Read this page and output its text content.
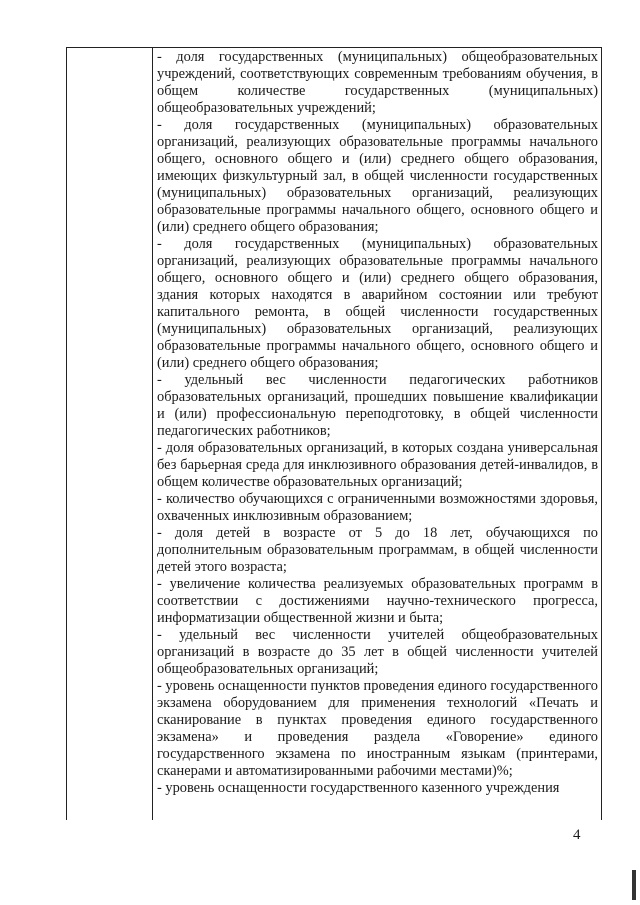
- доля государственных (муниципальных) общеобразовательных учреждений, соответствующих современным требованиям обучения, в общем количестве государственных (муниципальных) общеобразовательных учреждений;

- доля государственных (муниципальных) образовательных организаций, реализующих образовательные программы начального общего, основного общего и (или) среднего общего образования, имеющих физкультурный зал, в общей численности государственных (муниципальных) образовательных организаций, реализующих образовательные программы начального общего, основного общего и (или) среднего общего образования;

- доля государственных (муниципальных) образовательных организаций, реализующих образовательные программы начального общего, основного общего и (или) среднего общего образования, здания которых находятся в аварийном состоянии или требуют капитального ремонта, в общей численности государственных (муниципальных) образовательных организаций, реализующих образовательные программы начального общего, основного общего и (или) среднего общего образования;

- удельный вес численности педагогических работников образовательных организаций, прошедших повышение квалификации и (или) профессиональную переподготовку, в общей численности педагогических работников;

- доля образовательных организаций, в которых создана универсальная без барьерная среда для инклюзивного образования детей-инвалидов, в общем количестве образовательных организаций;

- количество обучающихся с ограниченными возможностями здоровья, охваченных инклюзивным образованием;

- доля детей в возрасте от 5 до 18 лет, обучающихся по дополнительным образовательным программам, в общей численности детей этого возраста;

- увеличение количества реализуемых образовательных программ в соответствии с достижениями научно-технического прогресса, информатизации общественной жизни и быта;

- удельный вес численности учителей общеобразовательных организаций в возрасте до 35 лет в общей численности учителей общеобразовательных организаций;

- уровень оснащенности пунктов проведения единого государственного экзамена оборудованием для применения технологий «Печать и сканирование в пунктах проведения единого государственного экзамена» и проведения раздела «Говорение» единого государственного экзамена по иностранным языкам (принтерами, сканерами и автоматизированными рабочими местами)%;

- уровень оснащенности государственного казенного учреждения

4
